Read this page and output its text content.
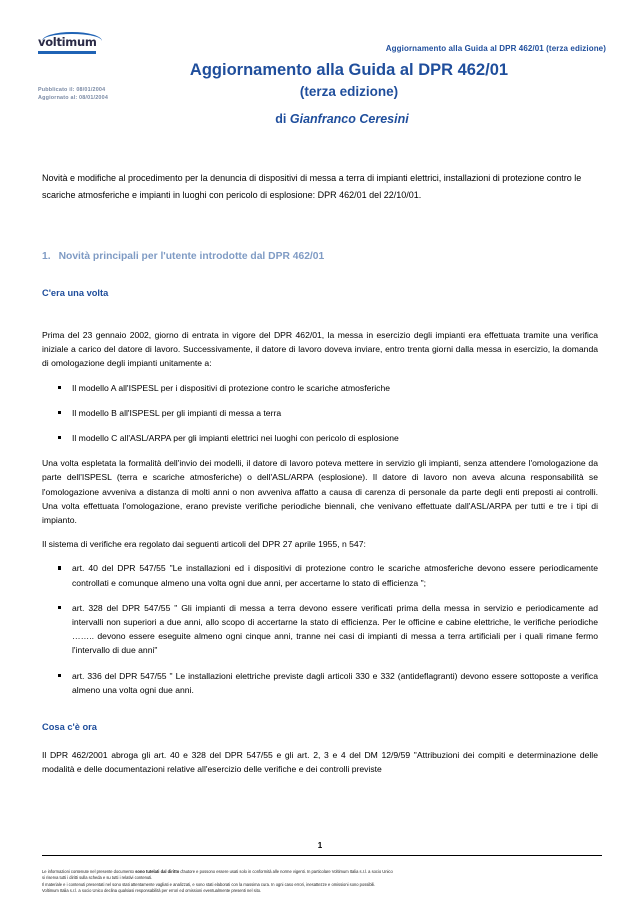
voltimum
Pubblicato il: 08/01/2004
Aggiornato al: 08/01/2004
Aggiornamento alla Guida al DPR 462/01 (terza edizione)
Aggiornamento alla Guida al DPR 462/01
(terza edizione)
di Gianfranco Ceresini

Novità e modifiche al procedimento per la denuncia di dispositivi di messa a terra di impianti elettrici, installazioni di protezione contro le scariche atmosferiche e impianti in luoghi con pericolo di esplosione: DPR 462/01 del 22/10/01.

1. Novità principali per l'utente introdotte dal DPR 462/01

C'era una volta

Prima del 23 gennaio 2002, giorno di entrata in vigore del DPR 462/01, la messa in esercizio degli impianti era effettuata tramite una verifica iniziale a carico del datore di lavoro. Successivamente, il datore di lavoro doveva inviare, entro trenta giorni dalla messa in esercizio, la domanda di omologazione degli impianti unitamente a:

Il modello A all'ISPESL per i dispositivi di protezione contro le scariche atmosferiche
Il modello B all'ISPESL per gli impianti di messa a terra
Il modello C all'ASL/ARPA per gli impianti elettrici nei luoghi con pericolo di esplosione

Una volta espletata la formalità dell'invio dei modelli, il datore di lavoro poteva mettere in servizio gli impianti, senza attendere l'omologazione da parte dell'ISPESL (terra e scariche atmosferiche) o dell'ASL/ARPA (esplosione). Il datore di lavoro non aveva alcuna responsabilità se l'omologazione avveniva a distanza di molti anni o non avveniva affatto a causa di carenza di personale da parte degli enti preposti ai controlli. Una volta effettuata l'omologazione, erano previste verifiche periodiche biennali, che venivano effettuate dall'ASL/ARPA per tutti e tre i tipi di impianto.

Il sistema di verifiche era regolato dai seguenti articoli del DPR 27 aprile 1955, n 547:

art. 40 del DPR 547/55 "Le installazioni ed i dispositivi di protezione contro le scariche atmosferiche devono essere periodicamente controllati e comunque almeno una volta ogni due anni, per accertarne lo stato di efficienza ";
art. 328 del DPR 547/55 " Gli impianti di messa a terra devono essere verificati prima della messa in servizio e periodicamente ad intervalli non superiori a due anni, allo scopo di accertarne la stato di efficienza. Per le officine e cabine elettriche, le verifiche periodiche …….. devono essere eseguite almeno ogni cinque anni, tranne nei casi di impianti di messa a terra artificiali per i quali rimane fermo l'intervallo di due anni"
art. 336 del DPR 547/55 " Le installazioni elettriche previste dagli articoli 330 e 332 (antideflagranti) devono essere sottoposte a verifica almeno una volta ogni due anni.

Cosa c'è ora

Il DPR 462/2001 abroga gli art. 40 e 328 del DPR 547/55 e gli art. 2, 3 e 4 del DM 12/9/59 "Attribuzioni dei compiti e determinazione delle modalità e delle documentazioni relative all'esercizio delle verifiche e dei controlli previste

1
Le informazioni contenute nel presente documento sono tutelati dal diritto d'autore e possono essere usati solo in conformità alle norme vigenti. In particolare Voltimum Italia s.r.l. a socio Unico
si riserva tutti i diritti sulla scheda e su tutti i relativi contenuti.
Il materiale e i contenuti presentati nel sono stati attentamente vagliati e analizzati, e sono stati elaborati con la massima cura. In ogni caso errori, inesattezze e omissioni sono possibili.
Voltimum Italia s.r.l. a socio Unico declina qualsiasi responsabilità per errori ed omissioni eventualmente presenti nel sito.
